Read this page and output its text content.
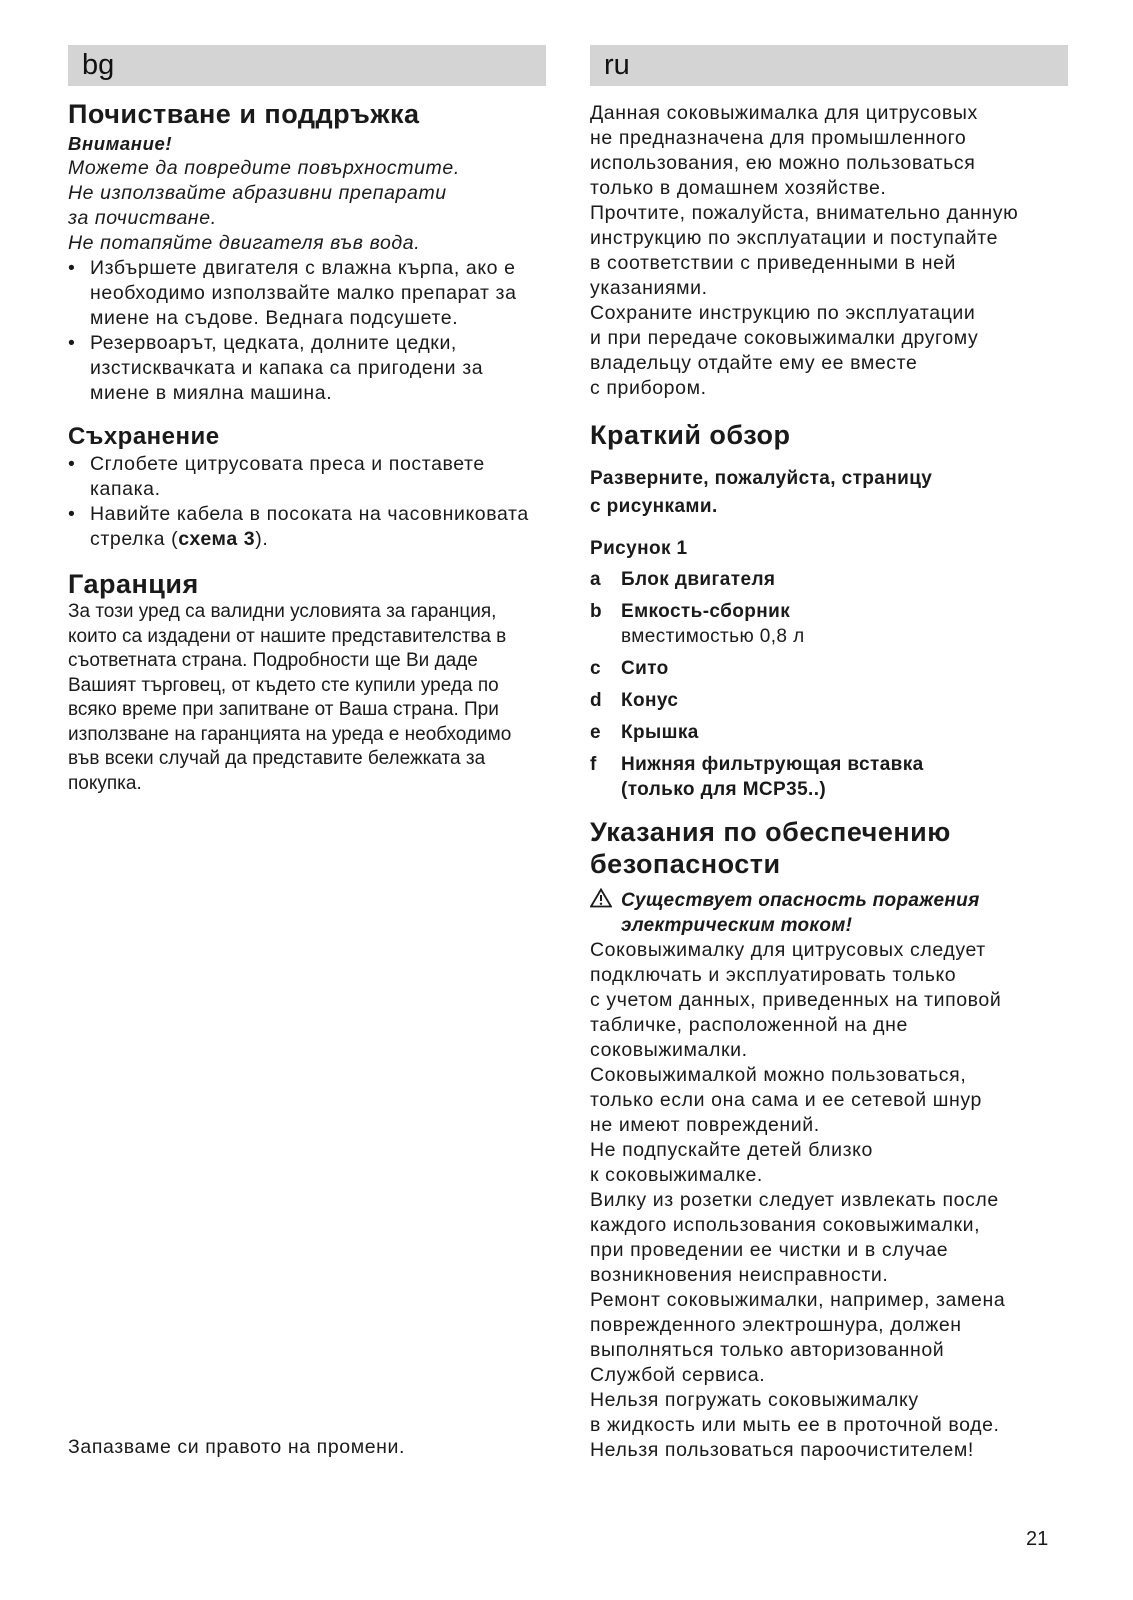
bg
Почистване и поддръжка

Внимание!

Можете да повредите повърхностите.

Не използвайте абразивни препарати

за почистване.

Не потапяйте двигателя във вода.

• Избършете двигателя с влажна кърпа, ако е необходимо използвайте малко препарат за миене на съдове. Веднага подсушете.
• Резервоарът, цедката, долните цедки, изстисквачката и капака са пригодени за миене в миялна машина.
Съхранение
• Сглобете цитрусовата преса и поставете капака.
• Навийте кабела в посоката на часовниковата стрелка (схема 3).
Гаранция

За този уред са валидни условията за гаранция, които са издадени от нашите представителства в съответната страна. Подробности ще Ви даде Вашият търговец, от където сте купили уреда по всяко време при запитване от Ваша страна. При използване на гаранцията на уреда е необходимо във всеки случай да представите бележката за покупка.

Запазваме си правото на промени.
ru

Данная соковыжималка для цитрусовых

не предназначена для промышленного

использования, ею можно пользоваться

только в домашнем хозяйстве.

Прочтите, пожалуйста, внимательно данную

инструкцию по эксплуатации и поступайте

в соответствии с приведенными в ней

указаниями.

Сохраните инструкцию по эксплуатации

и при передаче соковыжималки другому

владельцу отдайте ему ее вместе

с прибором.

Краткий обзор

Разверните, пожалуйста, страницу

с рисунками.

Рисунок 1

a	Блок двигателя
b Емкость-сборник
вместимостью 0,8 л
c	Сито
d Конус
e	Крышка
f	Нижняя фильтрующая вставка (только для MCP35..)
Указания по обеспечению
безопасности

Существует опасность поражения

электрическим током!

Соковыжималку для цитрусовых следует

подключать и эксплуатировать только

с учетом данных, приведенных на типовой

табличке, расположенной на дне

соковыжималки.

Соковыжималкой можно пользоваться,

только если она сама и ее сетевой шнур

не имеют повреждений.

Не подпускайте детей близко

к соковыжималке.

Вилку из розетки следует извлекать после

каждого использования соковыжималки,

при проведении ее чистки и в случае

возникновения неисправности.

Ремонт соковыжималки, например, замена

поврежденного электрошнура, должен

выполняться только авторизованной

Службой сервиса.

Нельзя погружать соковыжималку

в жидкость или мыть ее в проточной воде.

Нельзя пользоваться пароочистителем!

21
